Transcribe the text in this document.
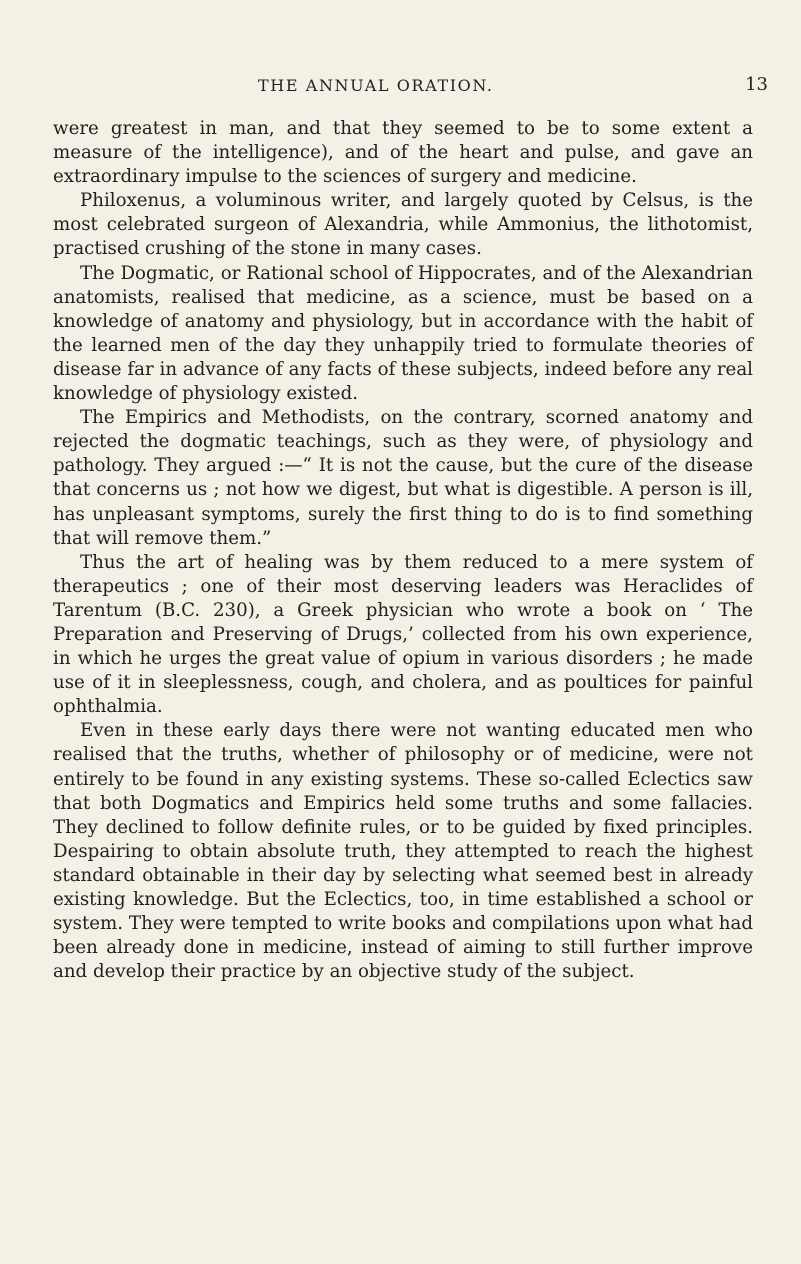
THE ANNUAL ORATION.	13

were greatest in man, and that they seemed to be to some extent a measure of the intelligence), and of the heart and pulse, and gave an extraordinary impulse to the sciences of surgery and medicine.

Philoxenus, a voluminous writer, and largely quoted by Celsus, is the most celebrated surgeon of Alexandria, while Ammonius, the lithotomist, practised crushing of the stone in many cases.

The Dogmatic, or Rational school of Hippocrates, and of the Alexandrian anatomists, realised that medicine, as a science, must be based on a knowledge of anatomy and physiology, but in accordance with the habit of the learned men of the day they unhappily tried to formulate theories of disease far in advance of any facts of these subjects, indeed before any real knowledge of physiology existed.

The Empirics and Methodists, on the contrary, scorned anatomy and rejected the dogmatic teachings, such as they were, of physiology and pathology. They argued :—“ It is not the cause, but the cure of the disease that concerns us ; not how we digest, but what is digestible. A person is ill, has unpleasant symptoms, surely the first thing to do is to find something that will remove them.”

Thus the art of healing was by them reduced to a mere system of therapeutics ; one of their most deserving leaders was Heraclides of Tarentum (B.C. 230), a Greek physician who wrote a book on ‘ The Preparation and Preserving of Drugs,’ collected from his own experience, in which he urges the great value of opium in various disorders ; he made use of it in sleeplessness, cough, and cholera, and as poultices for painful ophthalmia.

Even in these early days there were not wanting educated men who realised that the truths, whether of philosophy or of medicine, were not entirely to be found in any existing systems. These so-called Eclectics saw that both Dogmatics and Empirics held some truths and some fallacies. They declined to follow definite rules, or to be guided by fixed principles. Despairing to obtain absolute truth, they attempted to reach the highest standard obtainable in their day by selecting what seemed best in already existing knowledge. But the Eclectics, too, in time established a school or system. They were tempted to write books and compilations upon what had been already done in medicine, instead of aiming to still further improve and develop their practice by an objective study of the subject.
